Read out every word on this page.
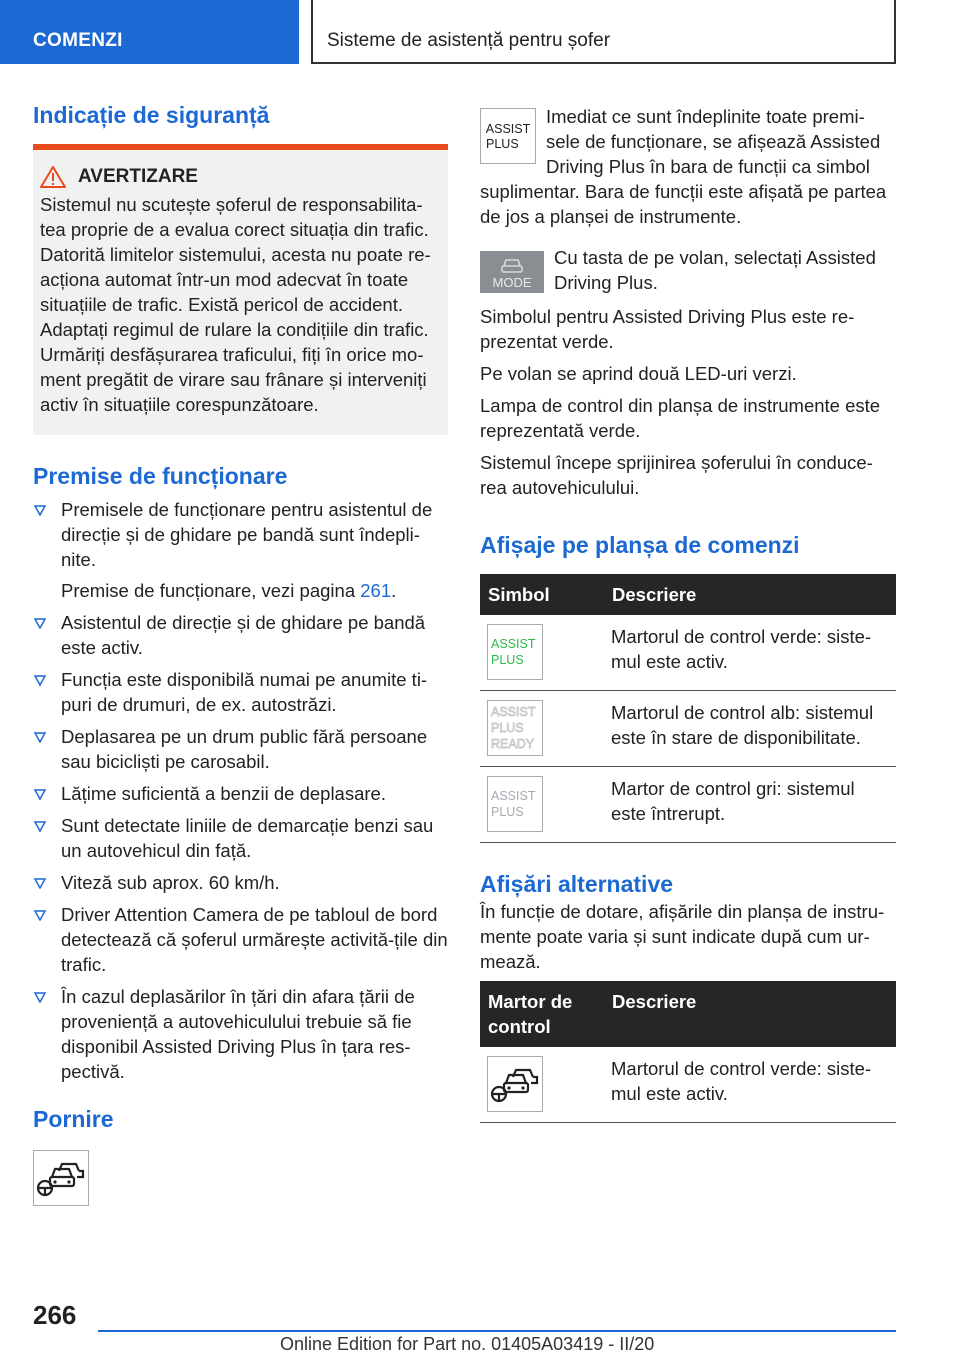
COMENZI	Sisteme de asistență pentru șofer
Indicație de siguranță
AVERTIZARE

Sistemul nu scutește șoferul de responsabilita-tea proprie de a evalua corect situația din trafic. Datorită limitelor sistemului, acesta nu poate re-acționa automat într-un mod adecvat în toate situațiile de trafic. Există pericol de accident. Adaptați regimul de rulare la condițiile din trafic. Urmăriți desfășurarea traficului, fiți în orice mo-ment pregătit de virare sau frânare și interveniți activ în situațiile corespunzătoare.

Premise de funcționare
Premisele de funcționare pentru asistentul de direcție și de ghidare pe bandă sunt îndepli-nite.
Premise de funcționare, vezi pagina 261.
Asistentul de direcție și de ghidare pe bandă este activ.
Funcția este disponibilă numai pe anumite ti-puri de drumuri, de ex. autostrăzi.
Deplasarea pe un drum public fără persoane sau bicicliști pe carosabil.
Lățime suficientă a benzii de deplasare.
Sunt detectate liniile de demarcație benzi sau un autovehicul din față.
Viteză sub aprox. 60 km/h.
Driver Attention Camera de pe tabloul de bord detectează că șoferul urmărește activită-țile din trafic.
În cazul deplasărilor în țări din afara țării de proveniență a autovehiculului trebuie să fie disponibil Assisted Driving Plus în țara res-pectivă.
Pornire
ASSIST
PLUS
Imediat ce sunt îndeplinite toate premi-sele de funcționare, se afișează Assisted Driving Plus în bara de funcții ca simbol suplimentar. Bara de funcții este afișată pe partea de jos a planșei de instrumente.
MODE
Cu tasta de pe volan, selectați Assisted Driving Plus.

Simbolul pentru Assisted Driving Plus este re-prezentat verde.

Pe volan se aprind două LED-uri verzi.

Lampa de control din planșa de instrumente este reprezentată verde.

Sistemul începe sprijinirea șoferului în conduce-rea autovehiculului.

Afișaje pe planșa de comenzi
Simbol	Descriere

ASSIST
PLUS	Martorul de control verde: siste-mul este activ.

ASSIST
PLUS
READY	Martorul de control alb: sistemul este în stare de disponibilitate.

ASSIST
PLUS	Martor de control gri: sistemul este întrerupt.
Afișări alternative

În funcție de dotare, afișările din planșa de instru-mente poate varia și sunt indicate după cum ur-mează.

Martor de control	Descriere

	Martorul de control verde: siste-mul este activ.
266
Online Edition for Part no. 01405A03419 - II/20
